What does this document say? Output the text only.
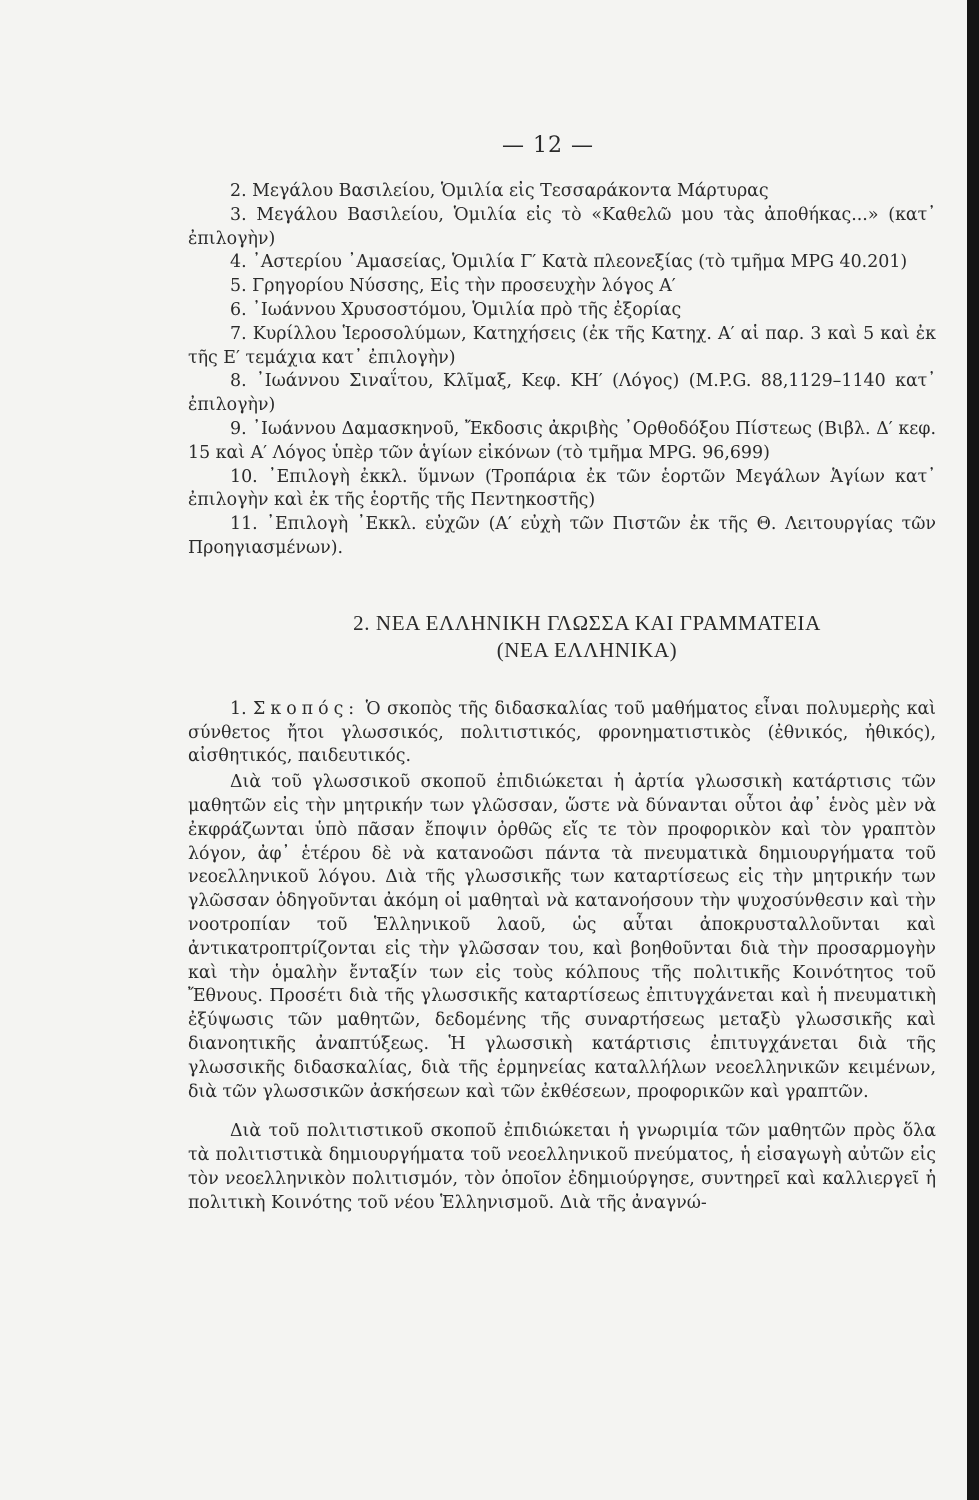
— 12 —

2. Μεγάλου Βασιλείου, Ὁμιλία εἰς Τεσσαράκοντα Μάρτυρας

3. Μεγάλου Βασιλείου, Ὁμιλία εἰς τὸ «Καθελῶ μου τὰς ἀποθήκας...» (κατ᾿ ἐπιλογὴν)

4. ᾿Αστερίου ᾿Αμασείας, Ὁμιλία Γ′ Κατὰ πλεονεξίας (τὸ τμῆμα MPG 40.201)

5. Γρηγορίου Νύσσης, Εἰς τὴν προσευχὴν λόγος Α′

6. ᾿Ιωάννου Χρυσοστόμου, Ὁμιλία πρὸ τῆς ἐξορίας

7. Κυρίλλου Ἱεροσολύμων, Κατηχήσεις (ἐκ τῆς Κατηχ. Α′ αἱ παρ. 3 καὶ 5 καὶ ἐκ τῆς Ε′ τεμάχια κατ᾿ ἐπιλογὴν)

8. ᾿Ιωάννου Σιναΐτου, Κλῖμαξ, Κεφ. ΚΗ′ (Λόγος) (M.P.G. 88,1129–1140 κατ᾿ ἐπιλογὴν)

9. ᾿Ιωάννου Δαμασκηνοῦ, Ἔκδοσις ἀκριβὴς ᾿Ορθοδόξου Πίστεως (Βιβλ. Δ′ κεφ. 15 καὶ Α′ Λόγος ὑπὲρ τῶν ἁγίων εἰκόνων (τὸ τμῆμα MPG. 96,699)

10. ᾿Επιλογὴ ἐκκλ. ὕμνων (Τροπάρια ἐκ τῶν ἑορτῶν Μεγάλων Ἁγίων κατ᾿ ἐπιλογὴν καὶ ἐκ τῆς ἑορτῆς τῆς Πεντηκοστῆς)

11. ᾿Επιλογὴ ᾿Εκκλ. εὐχῶν (Α′ εὐχὴ τῶν Πιστῶν ἐκ τῆς Θ. Λειτουργίας τῶν Προηγιασμένων).

2. ΝΕΑ ΕΛΛΗΝΙΚΗ ΓΛΩΣΣΑ ΚΑΙ ΓΡΑΜΜΑΤΕΙΑ
(ΝΕΑ ΕΛΛΗΝΙΚΑ)

1. Σκοπός: Ὁ σκοπὸς τῆς διδασκαλίας τοῦ μαθήματος εἶναι πολυμερὴς καὶ σύνθετος ἤτοι γλωσσικός, πολιτιστικός, φρονηματιστικὸς (ἐθνικός, ἠθικός), αἰσθητικός, παιδευτικός.

Διὰ τοῦ γλωσσικοῦ σκοποῦ ἐπιδιώκεται ἡ ἀρτία γλωσσικὴ κατάρτισις τῶν μαθητῶν εἰς τὴν μητρικήν των γλῶσσαν, ὥστε νὰ δύνανται οὗτοι ἀφ᾿ ἑνὸς μὲν νὰ ἐκφράζωνται ὑπὸ πᾶσαν ἔποψιν ὀρθῶς εἴς τε τὸν προφορικὸν καὶ τὸν γραπτὸν λόγον, ἀφ᾿ ἑτέρου δὲ νὰ κατανοῶσι πάντα τὰ πνευματικὰ δημιουργήματα τοῦ νεοελληνικοῦ λόγου. Διὰ τῆς γλωσσικῆς των καταρτίσεως εἰς τὴν μητρικήν των γλῶσσαν ὁδηγοῦνται ἀκόμη οἱ μαθηταὶ νὰ κατανοήσουν τὴν ψυχοσύνθεσιν καὶ τὴν νοοτροπίαν τοῦ Ἑλληνικοῦ λαοῦ, ὡς αὗται ἀποκρυσταλλοῦνται καὶ ἀντικατροπτρίζονται εἰς τὴν γλῶσσαν του, καὶ βοηθοῦνται διὰ τὴν προσαρμογὴν καὶ τὴν ὁμαλὴν ἔνταξίν των εἰς τοὺς κόλπους τῆς πολιτικῆς Κοινότητος τοῦ Ἔθνους. Προσέτι διὰ τῆς γλωσσικῆς καταρτίσεως ἐπιτυγχάνεται καὶ ἡ πνευματικὴ ἐξύψωσις τῶν μαθητῶν, δεδομένης τῆς συναρτήσεως μεταξὺ γλωσσικῆς καὶ διανοητικῆς ἀναπτύξεως. Ἡ γλωσσικὴ κατάρτισις ἐπιτυγχάνεται διὰ τῆς γλωσσικῆς διδασκαλίας, διὰ τῆς ἑρμηνείας καταλλήλων νεοελληνικῶν κειμένων, διὰ τῶν γλωσσικῶν ἀσκήσεων καὶ τῶν ἐκθέσεων, προφορικῶν καὶ γραπτῶν.

Διὰ τοῦ πολιτιστικοῦ σκοποῦ ἐπιδιώκεται ἡ γνωριμία τῶν μαθητῶν πρὸς ὅλα τὰ πολιτιστικὰ δημιουργήματα τοῦ νεοελληνικοῦ πνεύματος, ἡ εἰσαγωγὴ αὐτῶν εἰς τὸν νεοελληνικὸν πολιτισμόν, τὸν ὁποῖον ἐδημιούργησε, συντηρεῖ καὶ καλλιεργεῖ ἡ πολιτικὴ Κοινότης τοῦ νέου Ἑλληνισμοῦ. Διὰ τῆς ἀναγνώ-
